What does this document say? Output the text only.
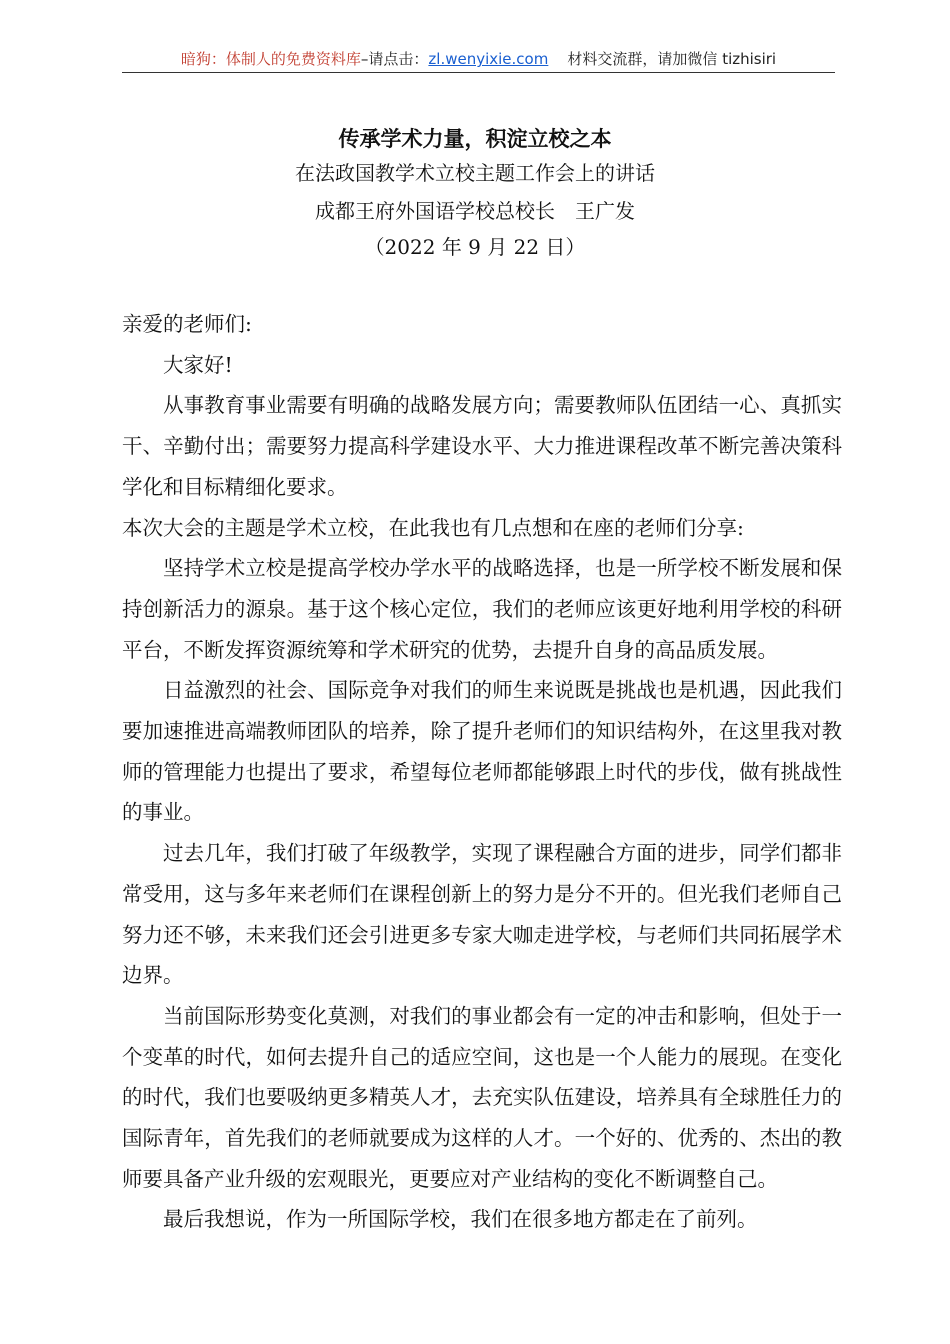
暗狗：体制人的免费资料库–请点击：zl.wenyixie.com 材料交流群，请加微信 tizhisiri
传承学术力量，积淀立校之本
在法政国教学术立校主题工作会上的讲话
成都王府外国语学校总校长　王广发
（2022 年 9 月 22 日）

亲爱的老师们:

大家好!

从事教育事业需要有明确的战略发展方向；需要教师队伍团结一心、真抓实干、辛勤付出；需要努力提高科学建设水平、大力推进课程改革不断完善决策科学化和目标精细化要求。

本次大会的主题是学术立校，在此我也有几点想和在座的老师们分享:

坚持学术立校是提高学校办学水平的战略选择，也是一所学校不断发展和保持创新活力的源泉。基于这个核心定位，我们的老师应该更好地利用学校的科研平台，不断发挥资源统筹和学术研究的优势，去提升自身的高品质发展。

日益激烈的社会、国际竞争对我们的师生来说既是挑战也是机遇，因此我们要加速推进高端教师团队的培养，除了提升老师们的知识结构外，在这里我对教师的管理能力也提出了要求，希望每位老师都能够跟上时代的步伐，做有挑战性的事业。

过去几年，我们打破了年级教学，实现了课程融合方面的进步，同学们都非常受用，这与多年来老师们在课程创新上的努力是分不开的。但光我们老师自己努力还不够，未来我们还会引进更多专家大咖走进学校，与老师们共同拓展学术边界。

当前国际形势变化莫测，对我们的事业都会有一定的冲击和影响，但处于一个变革的时代，如何去提升自己的适应空间，这也是一个人能力的展现。在变化的时代，我们也要吸纳更多精英人才，去充实队伍建设，培养具有全球胜任力的国际青年，首先我们的老师就要成为这样的人才。一个好的、优秀的、杰出的教师要具备产业升级的宏观眼光，更要应对产业结构的变化不断调整自己。

最后我想说，作为一所国际学校，我们在很多地方都走在了前列。
